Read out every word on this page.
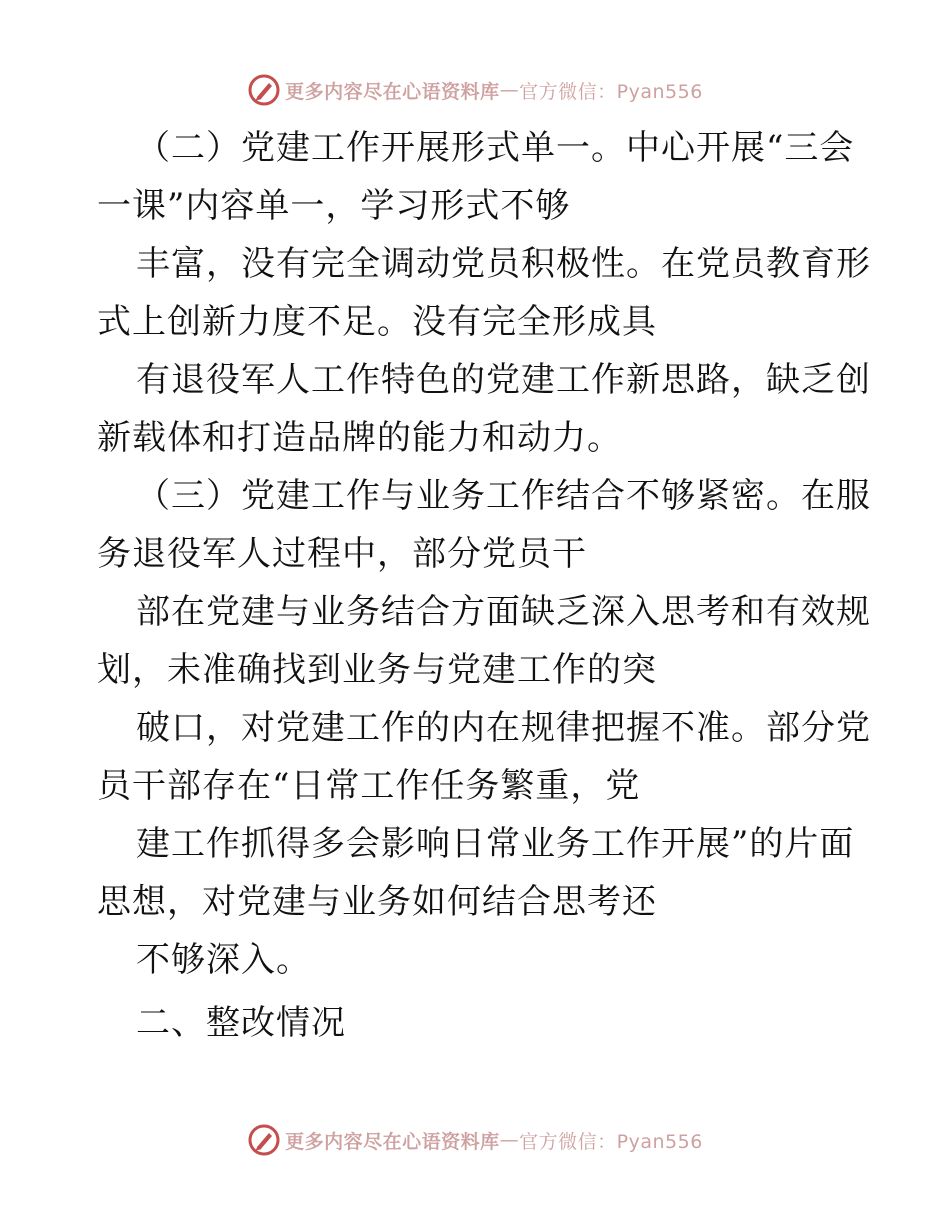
更多内容尽在心语资料库 — 官方微信：Pyan556
（二）党建工作开展形式单一。中心开展“三会
一课”内容单一，学习形式不够
丰富，没有完全调动党员积极性。在党员教育形
式上创新力度不足。没有完全形成具
有退役军人工作特色的党建工作新思路，缺乏创
新载体和打造品牌的能力和动力。
（三）党建工作与业务工作结合不够紧密。在服
务退役军人过程中，部分党员干
部在党建与业务结合方面缺乏深入思考和有效规
划，未准确找到业务与党建工作的突
破口，对党建工作的内在规律把握不准。部分党
员干部存在“日常工作任务繁重，党
建工作抓得多会影响日常业务工作开展”的片面
思想，对党建与业务如何结合思考还
不够深入。
二、整改情况
更多内容尽在心语资料库 — 官方微信：Pyan556
